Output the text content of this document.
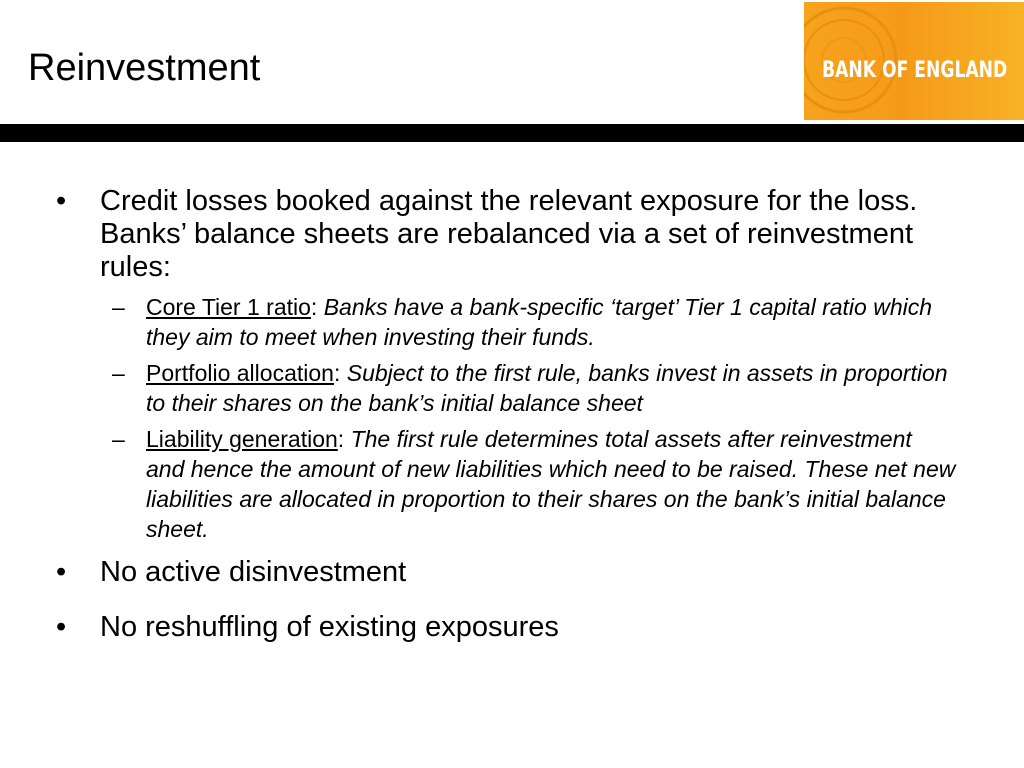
Reinvestment	BANK OF ENGLAND
• Credit losses booked against the relevant exposure for the loss. Banks’ balance sheets are rebalanced via a set of reinvestment rules:
– Core Tier 1 ratio: Banks have a bank-specific ‘target’ Tier 1 capital ratio which they aim to meet when investing their funds.
– Portfolio allocation: Subject to the first rule, banks invest in assets in proportion to their shares on the bank’s initial balance sheet
– Liability generation: The first rule determines total assets after reinvestment and hence the amount of new liabilities which need to be raised. These net new liabilities are allocated in proportion to their shares on the bank’s initial balance sheet.
• No active disinvestment
• No reshuffling of existing exposures
